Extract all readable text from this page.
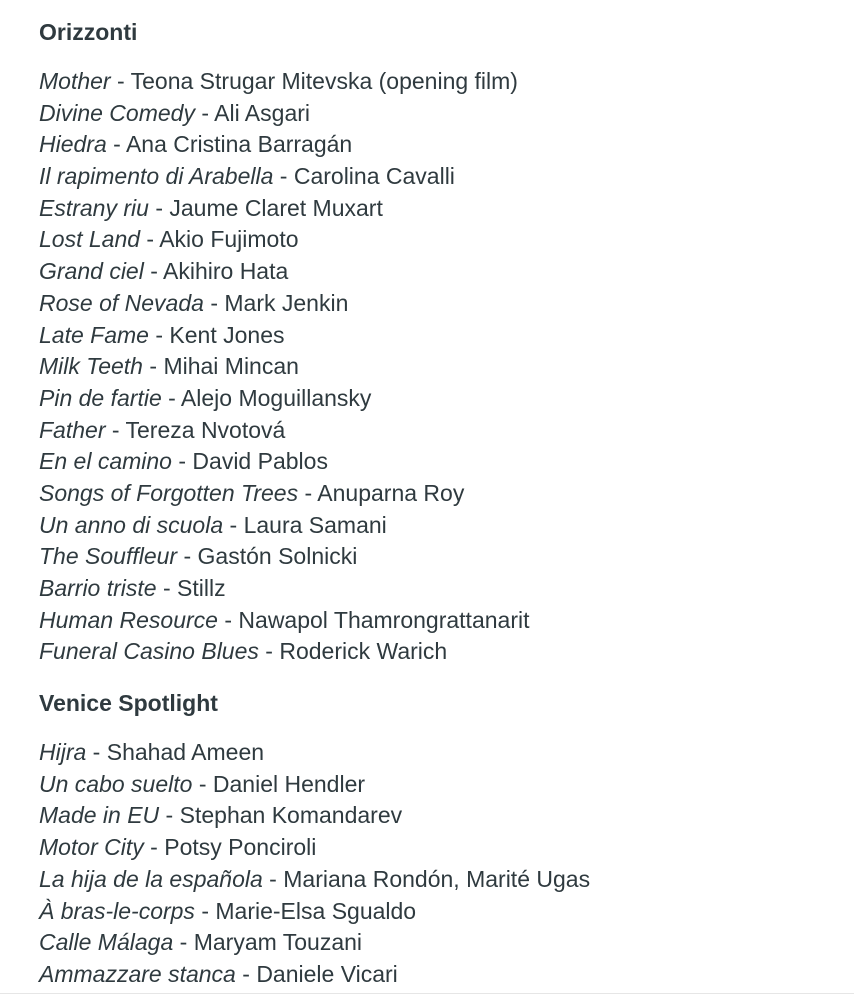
Orizzonti
Mother - Teona Strugar Mitevska (opening film)
Divine Comedy - Ali Asgari
Hiedra - Ana Cristina Barragán
Il rapimento di Arabella - Carolina Cavalli
Estrany riu - Jaume Claret Muxart
Lost Land - Akio Fujimoto
Grand ciel - Akihiro Hata
Rose of Nevada - Mark Jenkin
Late Fame - Kent Jones
Milk Teeth - Mihai Mincan
Pin de fartie - Alejo Moguillansky
Father - Tereza Nvotová
En el camino - David Pablos
Songs of Forgotten Trees - Anuparna Roy
Un anno di scuola - Laura Samani
The Souffleur - Gastón Solnicki
Barrio triste - Stillz
Human Resource - Nawapol Thamrongrattanarit
Funeral Casino Blues - Roderick Warich
Venice Spotlight
Hijra - Shahad Ameen
Un cabo suelto - Daniel Hendler
Made in EU - Stephan Komandarev
Motor City - Potsy Ponciroli
La hija de la española - Mariana Rondón, Marité Ugas
À bras-le-corps - Marie-Elsa Sgualdo
Calle Málaga - Maryam Touzani
Ammazzare stanca - Daniele Vicari
